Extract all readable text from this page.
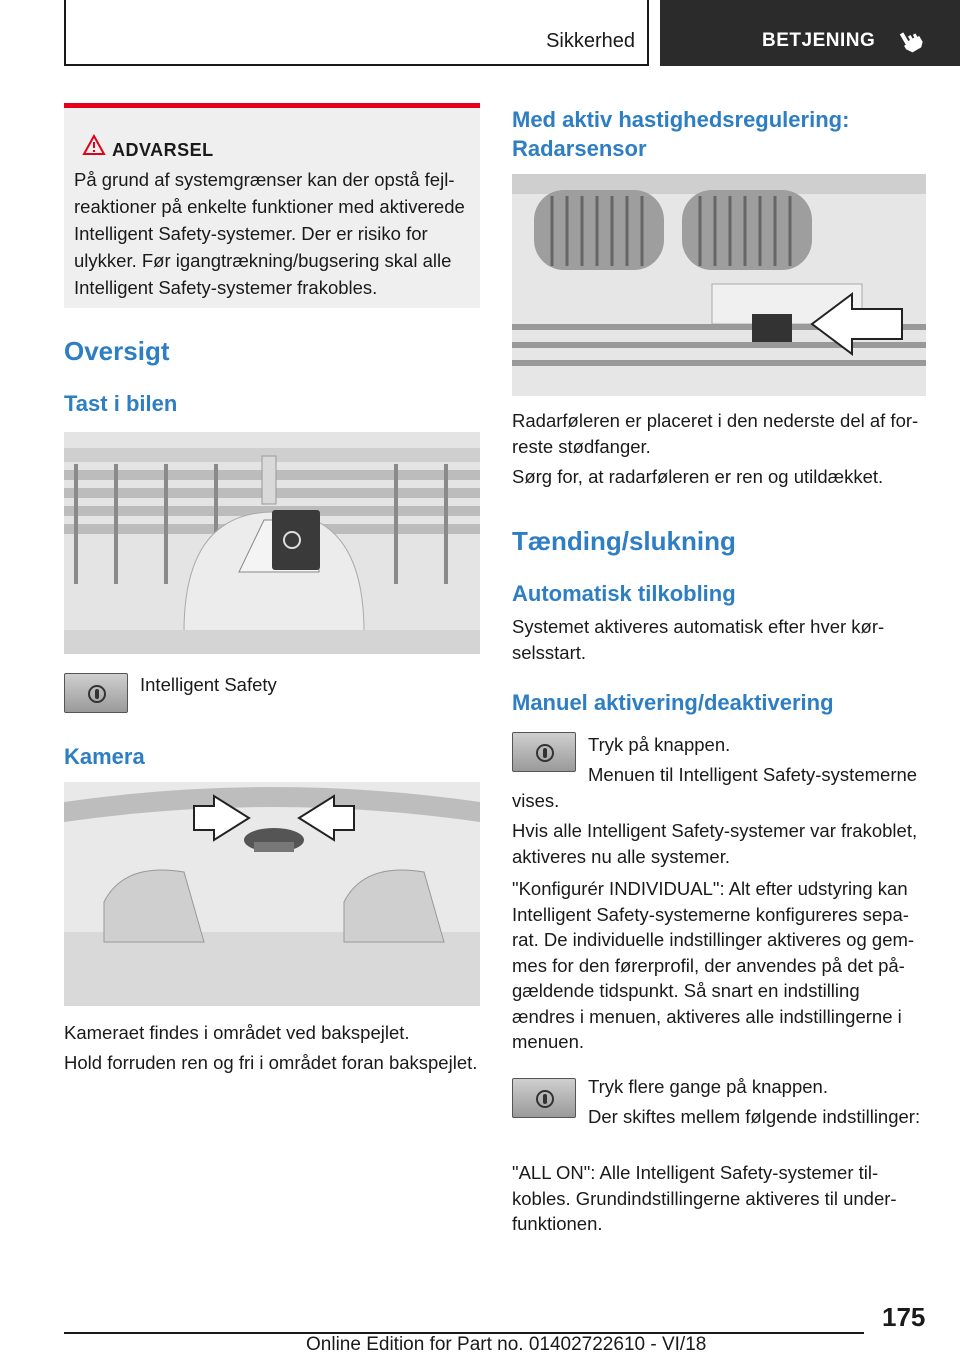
Sikkerhed	BETJENING
ADVARSEL

På grund af systemgrænser kan der opstå fejlreaktioner på enkelte funktioner med aktiverede Intelligent Safety-systemer. Der er risiko for ulykker. Før igangtrækning/bugsering skal alle Intelligent Safety-systemer frakobles.

Oversigt
Tast i bilen
Intelligent Safety
Kamera

Kameraet findes i området ved bakspejlet.

Hold forruden ren og fri i området foran bakspejlet.

Med aktiv hastighedsregulering: Radarsensor

Radarføleren er placeret i den nederste del af forreste stødfanger.

Sørg for, at radarføleren er ren og utildækket.

Tænding/slukning
Automatisk tilkobling

Systemet aktiveres automatisk efter hver kørselsstart.

Manuel aktivering/deaktivering

Tryk på knappen.

Menuen til Intelligent Safety-systemerne vises.

Hvis alle Intelligent Safety-systemer var frakoblet, aktiveres nu alle systemer.

"Konfigurér INDIVIDUAL": Alt efter udstyring kan Intelligent Safety-systemerne konfigureres separat. De individuelle indstillinger aktiveres og gemmes for den førerprofil, der anvendes på det pågældende tidspunkt. Så snart en indstilling ændres i menuen, aktiveres alle indstillingerne i menuen.

Tryk flere gange på knappen.

Der skiftes mellem følgende indstillinger:

"ALL ON": Alle Intelligent Safety-systemer tilkobles. Grundindstillingerne aktiveres til underfunktionen.

175
Online Edition for Part no. 01402722610 - VI/18
